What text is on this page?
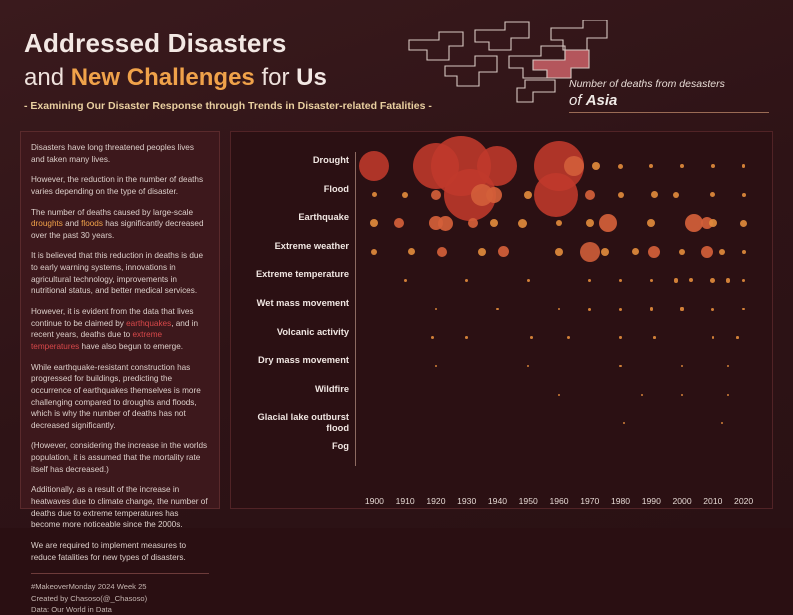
Addressed Disasters
and New Challenges for Us
- Examining Our Disaster Response through Trends in Disaster-related Fatalities -
Number of deaths from desasters
of Asia

Disasters have long threatened peoples lives and taken many lives.

However, the reduction in the number of deaths varies depending on the type of disaster.

The number of deaths caused by large-scale droughts and floods has significantly decreased over the past 30 years.

It is believed that this reduction in deaths is due to early warning systems, innovations in agricultural technology, improvements in nutritional status, and better medical services.

However, it is evident from the data that lives continue to be claimed by earthquakes, and in recent years, deaths due to extreme temperatures have also begun to emerge.

While earthquake-resistant construction has progressed for buildings, predicting the occurrence of earthquakes themselves is more challenging compared to droughts and floods, which is why the number of deaths has not decreased significantly.

(However, considering the increase in the worlds population, it is assumed that the mortality rate itself has decreased.)

Additionally, as a result of the increase in heatwaves due to climate change, the number of deaths due to extreme temperatures has become more noticeable since the 2000s.

We are required to implement measures to reduce fatalities for new types of disasters.

#MakeoverMonday 2024 Week 25
Created by Chasoso(@_Chasoso)
Data: Our World in Data
Drought
Flood
Earthquake
Extreme weather
Extreme temperature
Wet mass movement
Volcanic activity
Dry mass movement
Wildfire
Glacial lake outburst flood
Fog
1900	1910	1920	1930	1940	1950	1960	1970	1980	1990	2000	2010	2020
